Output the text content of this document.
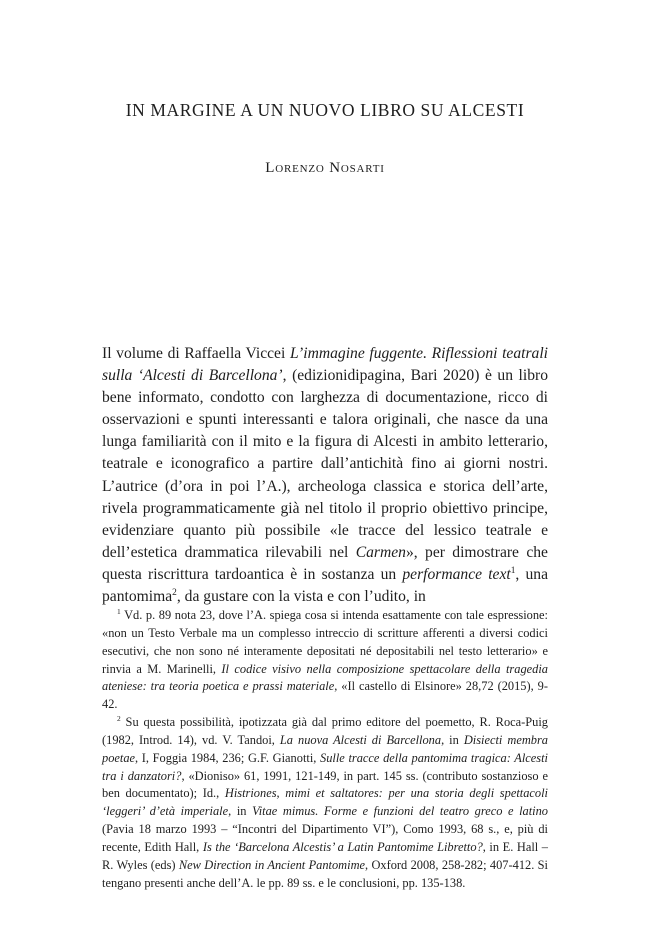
IN MARGINE A UN NUOVO LIBRO SU ALCESTI
Lorenzo Nosarti

Il volume di Raffaella Viccei L’immagine fuggente. Riflessioni teatrali sulla ‘Alcesti di Barcellona’, (edizionidipagina, Bari 2020) è un libro bene informato, condotto con larghezza di documentazione, ricco di osservazioni e spunti interessanti e talora originali, che nasce da una lunga familiarità con il mito e la figura di Alcesti in ambito letterario, teatrale e iconografico a partire dall’antichità fino ai giorni nostri. L’autrice (d’ora in poi l’A.), archeologa classica e storica dell’arte, rivela programmaticamente già nel titolo il proprio obiettivo principe, evidenziare quanto più possibile «le tracce del lessico teatrale e dell’estetica drammatica rilevabili nel Carmen», per dimostrare che questa riscrittura tardoantica è in sostanza un performance text$^1$, una pantomima$^2$, da gustare con la vista e con l’udito, in

$^1$ Vd. p. 89 nota 23, dove l’A. spiega cosa si intenda esattamente con tale espressione: «non un Testo Verbale ma un complesso intreccio di scritture afferenti a diversi codici esecutivi, che non sono né interamente depositati né depositabili nel testo letterario» e rinvia a M. Marinelli, Il codice visivo nella composizione spettacolare della tragedia ateniese: tra teoria poetica e prassi materiale, «Il castello di Elsinore» 28,72 (2015), 9-42.

$^2$ Su questa possibilità, ipotizzata già dal primo editore del poemetto, R. Roca-Puig (1982, Introd. 14), vd. V. Tandoi, La nuova Alcesti di Barcellona, in Disiecti membra poetae, I, Foggia 1984, 236; G.F. Gianotti, Sulle tracce della pantomima tragica: Alcesti tra i danzatori?, «Dioniso» 61, 1991, 121-149, in part. 145 ss. (contributo sostanzioso e ben documentato); Id., Histriones, mimi et saltatores: per una storia degli spettacoli ‘leggeri’ d’età imperiale, in Vitae mimus. Forme e funzioni del teatro greco e latino (Pavia 18 marzo 1993 – “Incontri del Dipartimento VI”), Como 1993, 68 s., e, più di recente, Edith Hall, Is the ‘Barcelona Alcestis’ a Latin Pantomime Libretto?, in E. Hall – R. Wyles (eds) New Direction in Ancient Pantomime, Oxford 2008, 258-282; 407-412. Si tengano presenti anche dell’A. le pp. 89 ss. e le conclusioni, pp. 135-138.
